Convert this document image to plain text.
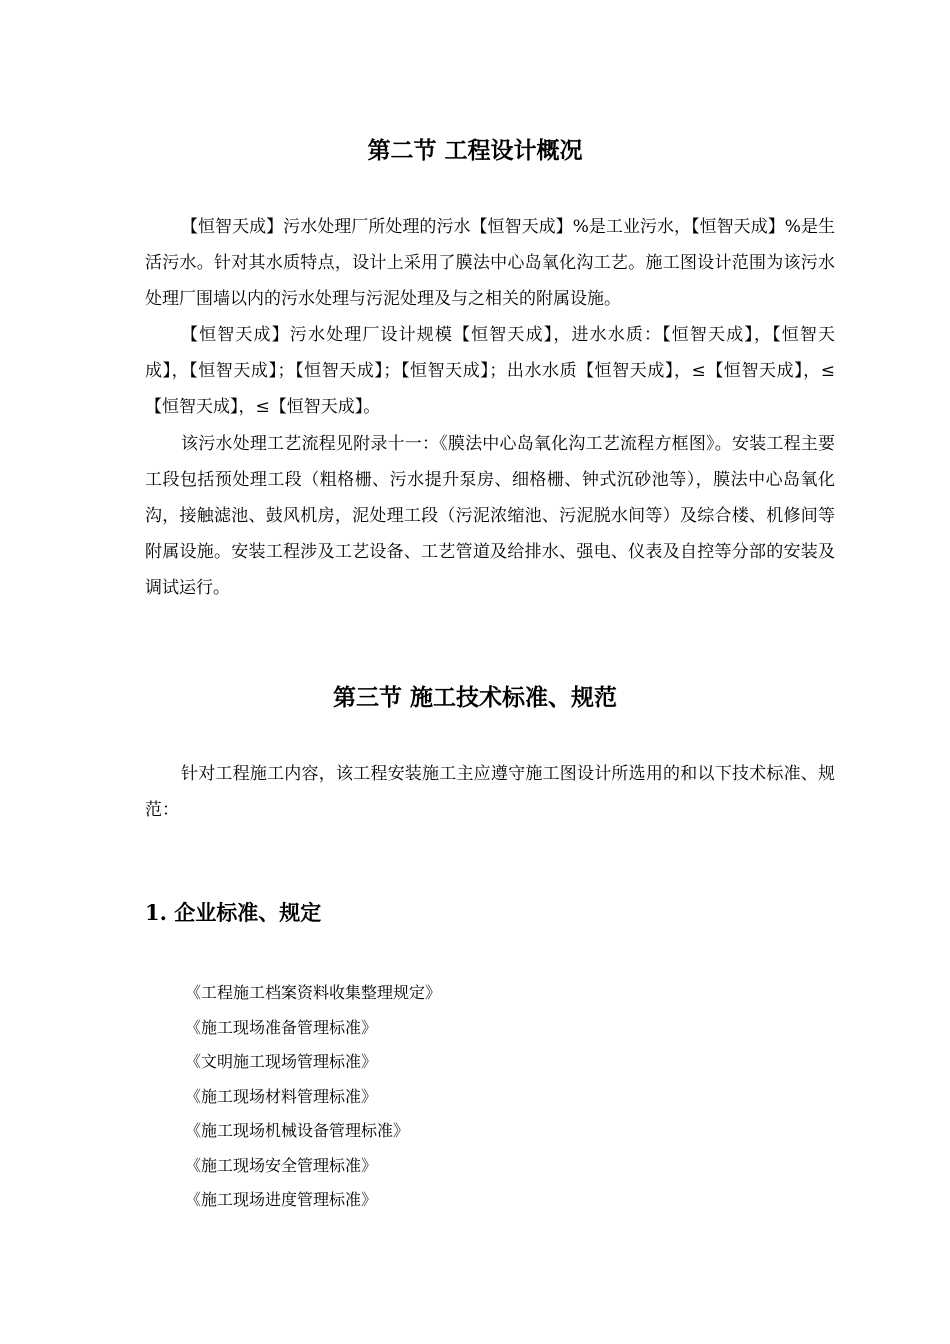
第二节 工程设计概况

【恒智天成】污水处理厂所处理的污水【恒智天成】%是工业污水，【恒智天成】%是生活污水。针对其水质特点，设计上采用了膜法中心岛氧化沟工艺。施工图设计范围为该污水处理厂围墙以内的污水处理与污泥处理及与之相关的附属设施。

【恒智天成】污水处理厂设计规模【恒智天成】，进水水质：【恒智天成】，【恒智天成】，【恒智天成】；【恒智天成】；【恒智天成】；出水水质【恒智天成】，≤【恒智天成】，≤【恒智天成】，≤【恒智天成】。

该污水处理工艺流程见附录十一：《膜法中心岛氧化沟工艺流程方框图》。安装工程主要工段包括预处理工段（粗格栅、污水提升泵房、细格栅、钟式沉砂池等），膜法中心岛氧化沟，接触滤池、鼓风机房，泥处理工段（污泥浓缩池、污泥脱水间等）及综合楼、机修间等附属设施。安装工程涉及工艺设备、工艺管道及给排水、强电、仪表及自控等分部的安装及调试运行。

第三节 施工技术标准、规范

针对工程施工内容，该工程安装施工主应遵守施工图设计所选用的和以下技术标准、规范：

1. 企业标准、规定
《工程施工档案资料收集整理规定》
《施工现场准备管理标准》
《文明施工现场管理标准》
《施工现场材料管理标准》
《施工现场机械设备管理标准》
《施工现场安全管理标准》
《施工现场进度管理标准》
